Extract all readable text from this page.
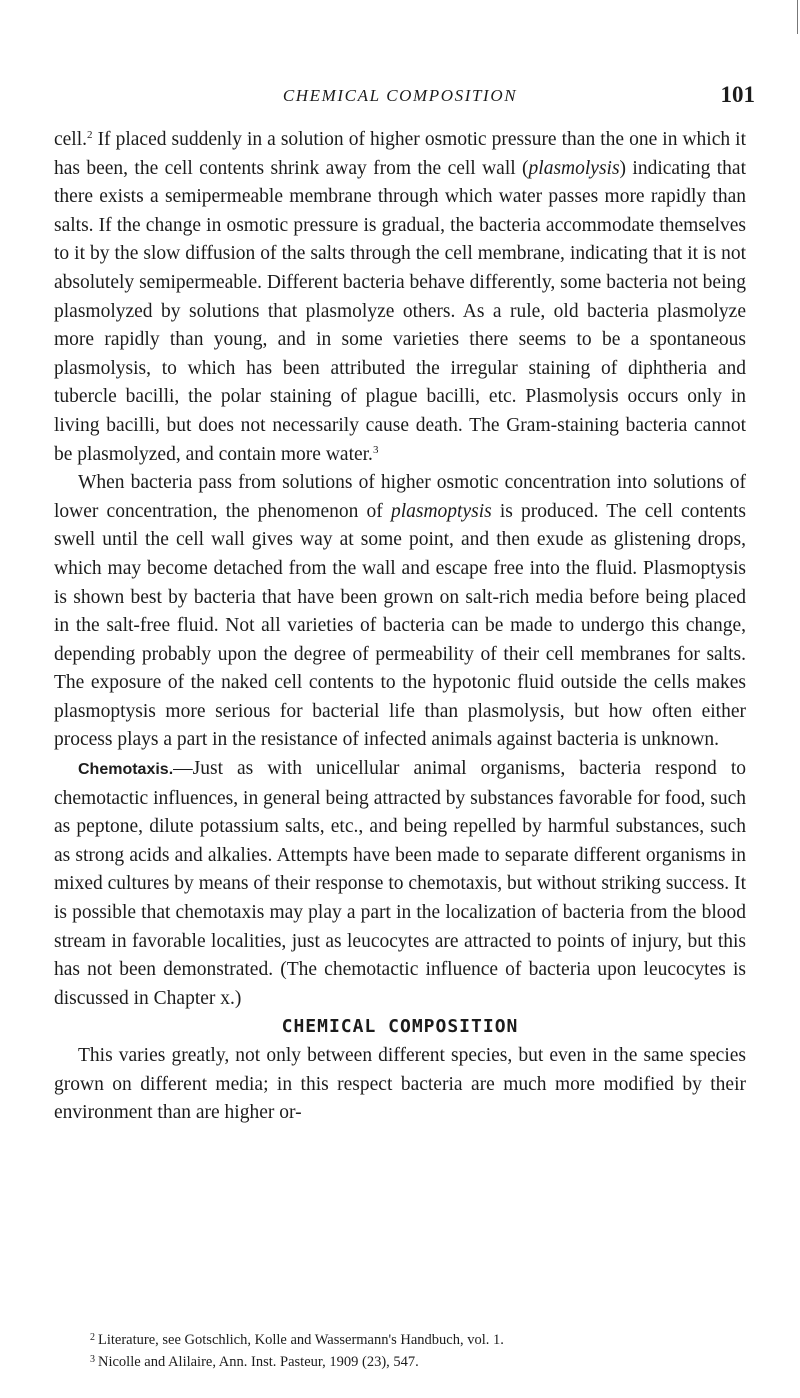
CHEMICAL COMPOSITION	101

cell.$^2$ If placed suddenly in a solution of higher osmotic pressure than the one in which it has been, the cell contents shrink away from the cell wall (plasmolysis) indicating that there exists a semipermeable membrane through which water passes more rapidly than salts. If the change in osmotic pressure is gradual, the bacteria accommodate themselves to it by the slow diffusion of the salts through the cell membrane, indicating that it is not absolutely semipermeable. Different bacteria behave differently, some bacteria not being plasmolyzed by solutions that plasmolyze others. As a rule, old bacteria plasmolyze more rapidly than young, and in some varieties there seems to be a spontaneous plasmolysis, to which has been attributed the irregular staining of diphtheria and tubercle bacilli, the polar staining of plague bacilli, etc. Plasmolysis occurs only in living bacilli, but does not necessarily cause death. The Gram-staining bacteria cannot be plasmolyzed, and contain more water.$^3$

When bacteria pass from solutions of higher osmotic concentration into solutions of lower concentration, the phenomenon of plasmoptysis is produced. The cell contents swell until the cell wall gives way at some point, and then exude as glistening drops, which may become detached from the wall and escape free into the fluid. Plasmoptysis is shown best by bacteria that have been grown on salt-rich media before being placed in the salt-free fluid. Not all varieties of bacteria can be made to undergo this change, depending probably upon the degree of permeability of their cell membranes for salts. The exposure of the naked cell contents to the hypotonic fluid outside the cells makes plasmoptysis more serious for bacterial life than plasmolysis, but how often either process plays a part in the resistance of infected animals against bacteria is unknown.

Chemotaxis.—Just as with unicellular animal organisms, bacteria respond to chemotactic influences, in general being attracted by substances favorable for food, such as peptone, dilute potassium salts, etc., and being repelled by harmful substances, such as strong acids and alkalies. Attempts have been made to separate different organisms in mixed cultures by means of their response to chemotaxis, but without striking success. It is possible that chemotaxis may play a part in the localization of bacteria from the blood stream in favorable localities, just as leucocytes are attracted to points of injury, but this has not been demonstrated. (The chemotactic influence of bacteria upon leucocytes is discussed in Chapter x.)

CHEMICAL COMPOSITION

This varies greatly, not only between different species, but even in the same species grown on different media; in this respect bacteria are much more modified by their environment than are higher or-

$^2$ Literature, see Gotschlich, Kolle and Wassermann's Handbuch, vol. 1.

$^3$ Nicolle and Alilaire, Ann. Inst. Pasteur, 1909 (23), 547.
